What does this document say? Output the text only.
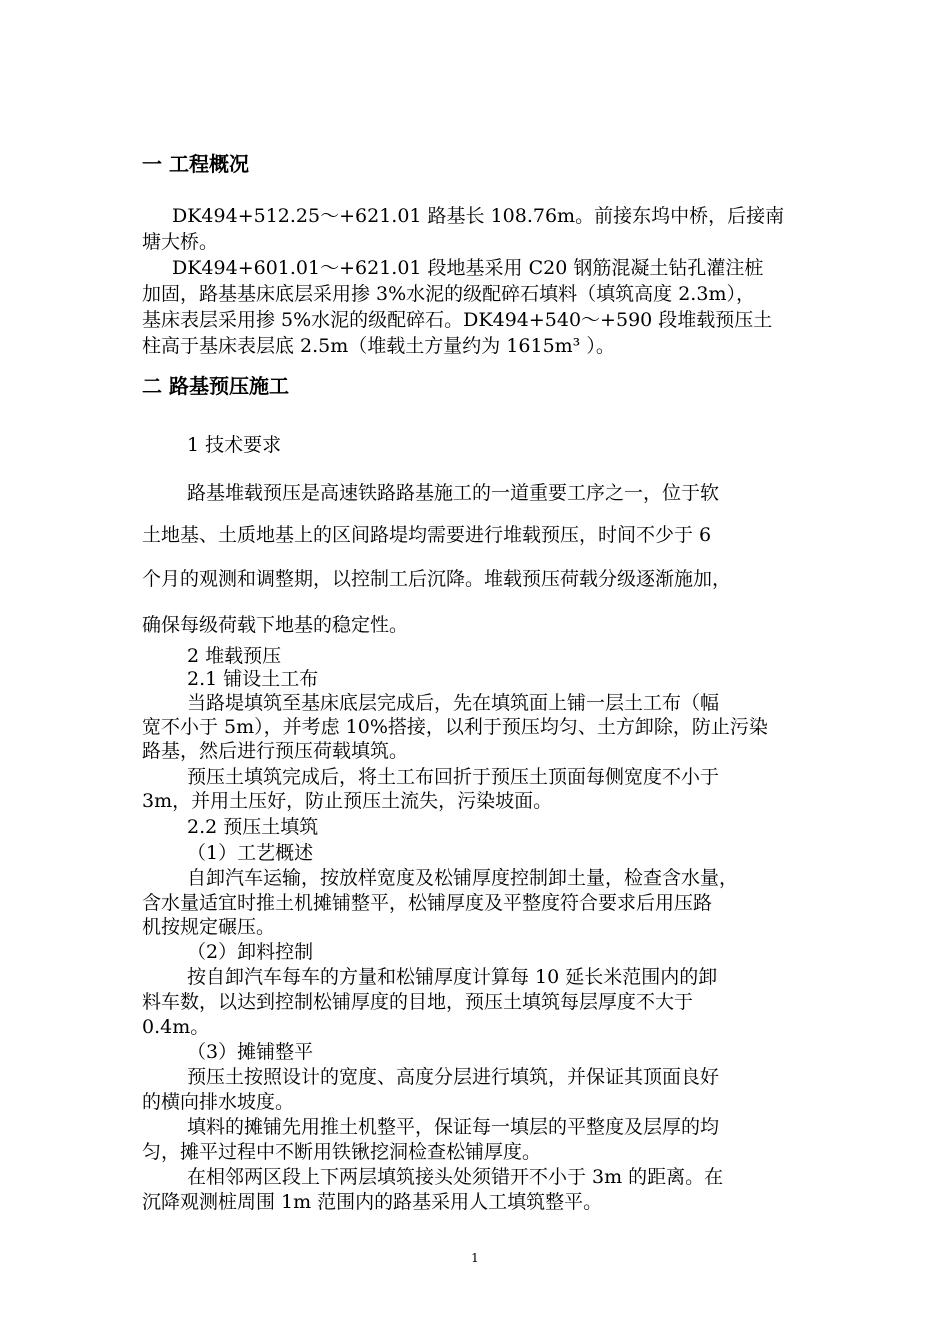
一 工程概况
DK494+512.25～+621.01 路基长 108.76m。前接东坞中桥，后接南
塘大桥。
DK494+601.01～+621.01 段地基采用 C20 钢筋混凝土钻孔灌注桩
加固，路基基床底层采用掺 3%水泥的级配碎石填料（填筑高度 2.3m），
基床表层采用掺 5%水泥的级配碎石。DK494+540～+590 段堆载预压土
柱高于基床表层底 2.5m（堆载土方量约为 1615m³ ）。
二 路基预压施工
1 技术要求
路基堆载预压是高速铁路路基施工的一道重要工序之一，位于软
土地基、土质地基上的区间路堤均需要进行堆载预压，时间不少于 6
个月的观测和调整期，以控制工后沉降。堆载预压荷载分级逐渐施加，
确保每级荷载下地基的稳定性。
2 堆载预压
2.1 铺设土工布
当路堤填筑至基床底层完成后，先在填筑面上铺一层土工布（幅
宽不小于 5m），并考虑 10%搭接，以利于预压均匀、土方卸除，防止污染
路基，然后进行预压荷载填筑。
预压土填筑完成后，将土工布回折于预压土顶面每侧宽度不小于
3m，并用土压好，防止预压土流失，污染坡面。
2.2 预压土填筑
（1）工艺概述
自卸汽车运输，按放样宽度及松铺厚度控制卸土量，检查含水量，
含水量适宜时推土机摊铺整平，松铺厚度及平整度符合要求后用压路
机按规定碾压。
（2）卸料控制
按自卸汽车每车的方量和松铺厚度计算每 10 延长米范围内的卸
料车数，以达到控制松铺厚度的目地，预压土填筑每层厚度不大于
0.4m。
（3）摊铺整平
预压土按照设计的宽度、高度分层进行填筑，并保证其顶面良好
的横向排水坡度。
填料的摊铺先用推土机整平，保证每一填层的平整度及层厚的均
匀，摊平过程中不断用铁锹挖洞检查松铺厚度。
在相邻两区段上下两层填筑接头处须错开不小于 3m 的距离。在
沉降观测桩周围 1m 范围内的路基采用人工填筑整平。
1
